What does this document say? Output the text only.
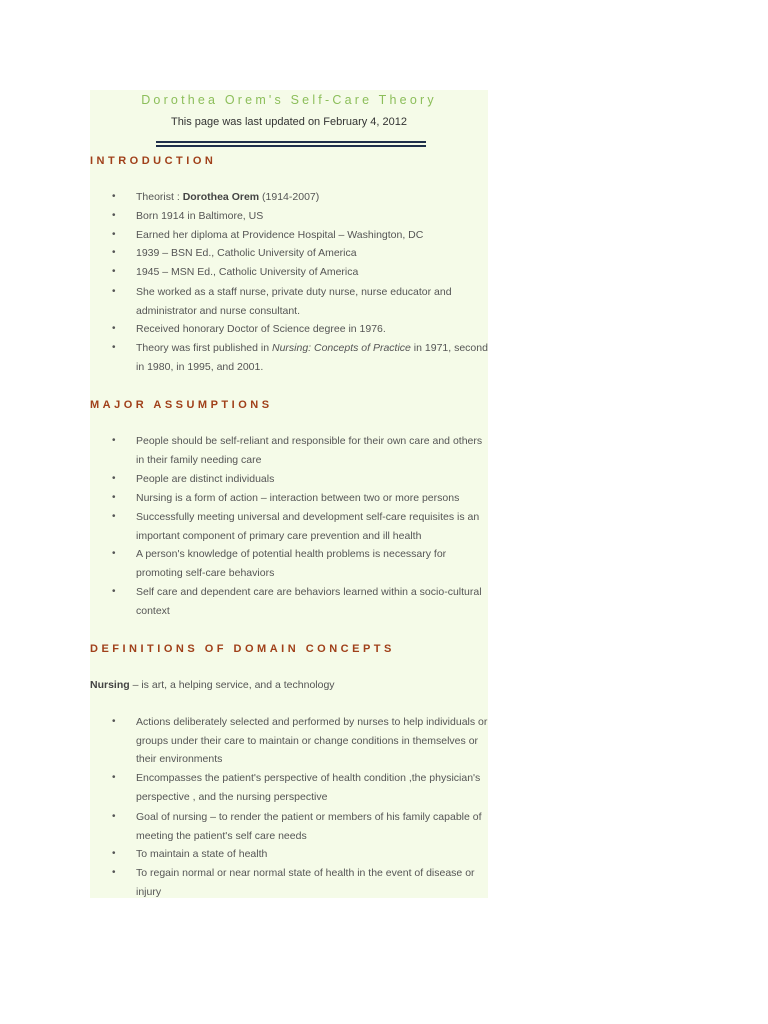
Dorothea Orem's Self-Care Theory
This page was last updated on February 4, 2012
INTRODUCTION
• Theorist : Dorothea Orem (1914-2007)
• Born 1914 in Baltimore, US
• Earned her diploma at Providence Hospital – Washington, DC
• 1939 – BSN Ed., Catholic University of America
• 1945 – MSN Ed., Catholic University of America
• She worked as a staff nurse, private duty nurse, nurse educator and administrator and nurse consultant.
• Received honorary Doctor of Science degree in 1976.
• Theory was first published in Nursing: Concepts of Practice in 1971, second in 1980, in 1995, and 2001.
MAJOR ASSUMPTIONS
• People should be self-reliant and responsible for their own care and others in their family needing care
• People are distinct individuals
• Nursing is a form of action – interaction between two or more persons
• Successfully meeting universal and development self-care requisites is an important component of primary care prevention and ill health
• A person's knowledge of potential health problems is necessary for promoting self-care behaviors
• Self care and dependent care are behaviors learned within a socio-cultural context
DEFINITIONS OF DOMAIN CONCEPTS
Nursing – is art, a helping service, and a technology
• Actions deliberately selected and performed by nurses to help individuals or groups under their care to maintain or change conditions in themselves or their environments
• Encompasses the patient's perspective of health condition ,the physician's perspective , and the nursing perspective
• Goal of nursing – to render the patient or members of his family capable of meeting the patient's self care needs
• To maintain a state of health
• To regain normal or near normal state of health in the event of disease or injury
